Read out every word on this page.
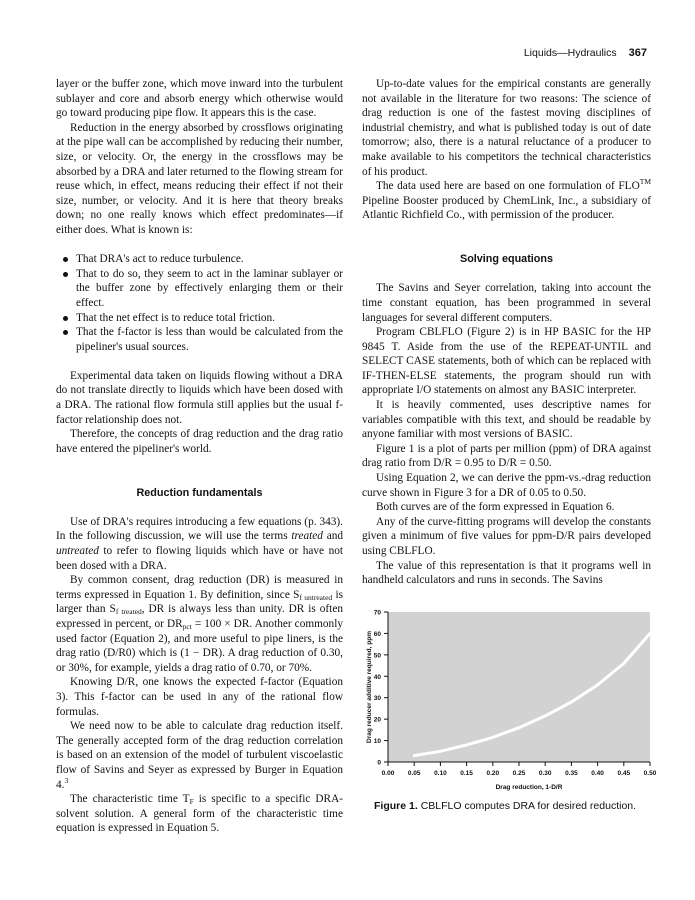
Liquids—Hydraulics 367

layer or the buffer zone, which move inward into the turbulent sublayer and core and absorb energy which otherwise would go toward producing pipe flow. It appears this is the case.

Reduction in the energy absorbed by crossflows originating at the pipe wall can be accomplished by reducing their number, size, or velocity. Or, the energy in the crossflows may be absorbed by a DRA and later returned to the flowing stream for reuse which, in effect, means reducing their effect if not their size, number, or velocity. And it is here that theory breaks down; no one really knows which effect predominates—if either does. What is known is:

That DRA's act to reduce turbulence.
That to do so, they seem to act in the laminar sublayer or the buffer zone by effectively enlarging them or their effect.
That the net effect is to reduce total friction.
That the f-factor is less than would be calculated from the pipeliner's usual sources.

Experimental data taken on liquids flowing without a DRA do not translate directly to liquids which have been dosed with a DRA. The rational flow formula still applies but the usual f-factor relationship does not.

Therefore, the concepts of drag reduction and the drag ratio have entered the pipeliner's world.

Reduction fundamentals

Use of DRA's requires introducing a few equations (p. 343). In the following discussion, we will use the terms treated and untreated to refer to flowing liquids which have or have not been dosed with a DRA.

By common consent, drag reduction (DR) is measured in terms expressed in Equation 1. By definition, since $S_{f untreated}$ is larger than $S_{f treated}$, DR is always less than unity. DR is often expressed in percent, or $DR_{pct} = 100$ × DR. Another commonly used factor (Equation 2), and more useful to pipe liners, is the drag ratio (D/R0) which is (1 − DR). A drag reduction of 0.30, or 30%, for example, yields a drag ratio of 0.70, or 70%.

Knowing D/R, one knows the expected f-factor (Equation 3). This f-factor can be used in any of the rational flow formulas.

We need now to be able to calculate drag reduction itself. The generally accepted form of the drag reduction correlation is based on an extension of the model of turbulent viscoelastic flow of Savins and Seyer as expressed by Burger in Equation 4.$^3$

The characteristic time $T_F$ is specific to a specific DRA-solvent solution. A general form of the characteristic time equation is expressed in Equation 5.

Up-to-date values for the empirical constants are generally not available in the literature for two reasons: The science of drag reduction is one of the fastest moving disciplines of industrial chemistry, and what is published today is out of date tomorrow; also, there is a natural reluctance of a producer to make available to his competitors the technical characteristics of his product.

The data used here are based on one formulation of FLO™ Pipeline Booster produced by ChemLink, Inc., a subsidiary of Atlantic Richfield Co., with permission of the producer.

Solving equations

The Savins and Seyer correlation, taking into account the time constant equation, has been programmed in several languages for several different computers.

Program CBLFLO (Figure 2) is in HP BASIC for the HP 9845 T. Aside from the use of the REPEAT-UNTIL and SELECT CASE statements, both of which can be replaced with IF-THEN-ELSE statements, the program should run with appropriate I/O statements on almost any BASIC interpreter.

It is heavily commented, uses descriptive names for variables compatible with this text, and should be readable by anyone familiar with most versions of BASIC.

Figure 1 is a plot of parts per million (ppm) of DRA against drag ratio from D/R = 0.95 to D/R = 0.50.

Using Equation 2, we can derive the ppm-vs.-drag reduction curve shown in Figure 3 for a DR of 0.05 to 0.50.

Both curves are of the form expressed in Equation 6.

Any of the curve-fitting programs will develop the constants given a minimum of five values for ppm-D/R pairs developed using CBLFLO.

The value of this representation is that it programs well in handheld calculators and runs in seconds. The Savins

0
10
20
30
40
50
60
70
0.00 0.05 0.10 0.15 0.20 0.25 0.30 0.35 0.40 0.45 0.50
Drag reducer additive required, ppm
Drag reduction, 1-D/R
Figure 1. CBLFLO computes DRA for desired reduction.
